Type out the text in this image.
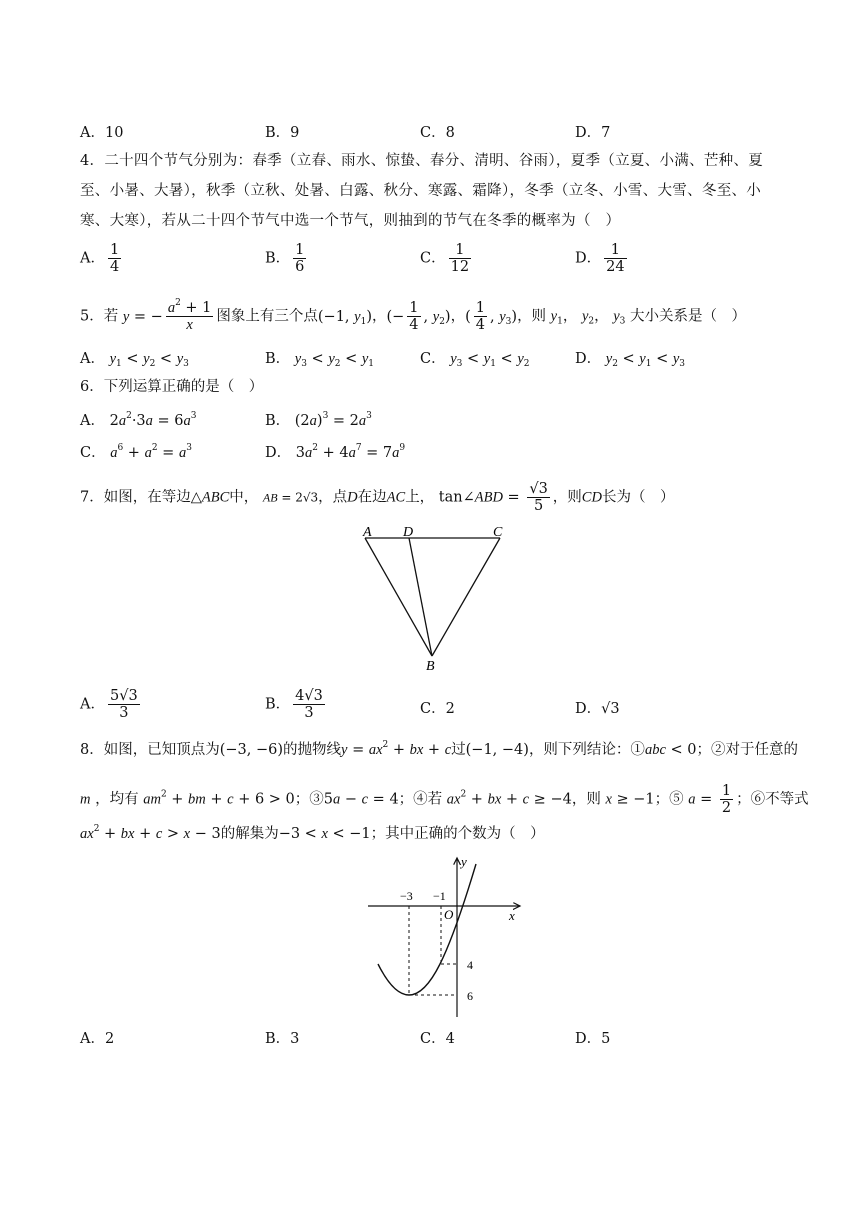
A．10	B．9	C．8	D．7
4．二十四个节气分别为：春季（立春、雨水、惊蛰、春分、清明、谷雨），夏季（立夏、小满、芒种、夏
至、小暑、大暑），秋季（立秋、处暑、白露、秋分、寒露、霜降），冬季（立冬、小雪、大雪、冬至、小
寒、大寒），若从二十四个节气中选一个节气，则抽到的节气在冬季的概率为（　）
A． $\frac{1}{4}$	B． $\frac{1}{6}$	C． $\frac{1}{12}$	D． $\frac{1}{24}$
5．若 y = − $\frac{a^2 + 1}{x}$ 图象上有三个点(−1, $y_1$)，(− $\frac{1}{4}$ , $y_2$)，( $\frac{1}{4}$ , $y_3$)，则 $y_1$， $y_2$， $y_3$ 大小关系是（　）
A． $y_1 < y_2 < y_3$	B． $y_3 < y_2 < y_1$	C． $y_3 < y_1 < y_2$	D． $y_2 < y_1 < y_3$
6．下列运算正确的是（　）
A． $2a^2\cdot 3a = 6a^3$	B． $(2a)^3 = 2a^3$
C． $a^6 + a^2 = a^3$	D． $3a^2 + 4a^7 = 7a^9$
7．如图，在等边△ABC中， AB = 2√3，点D在边AC上， tan∠ABD = $\frac{√3}{5}$ ，则CD长为（　）
A D	C
B
A． $\frac{5√3}{3}$	B． $\frac{4√3}{3}$	C．2	D．√3
8．如图，已知顶点为(−3, −6)的抛物线$y = ax^2$ + bx + c过(−1, −4)，则下列结论：①abc < 0；②对于任意的
m ，均有 $am^2$ + bm + c + 6 > 0；③5a − c = 4；④若 $ax^2$ + bx + c ≥ −4，则 x ≥ −1；⑤ $a = \frac{1}{2}$ ；⑥不等式
$ax^2$ + bx + c > x − 3的解集为−3 < x < −1；其中正确的个数为（　）
y
x
O
−3 −1
4
6
A．2	B．3	C．4	D．5
